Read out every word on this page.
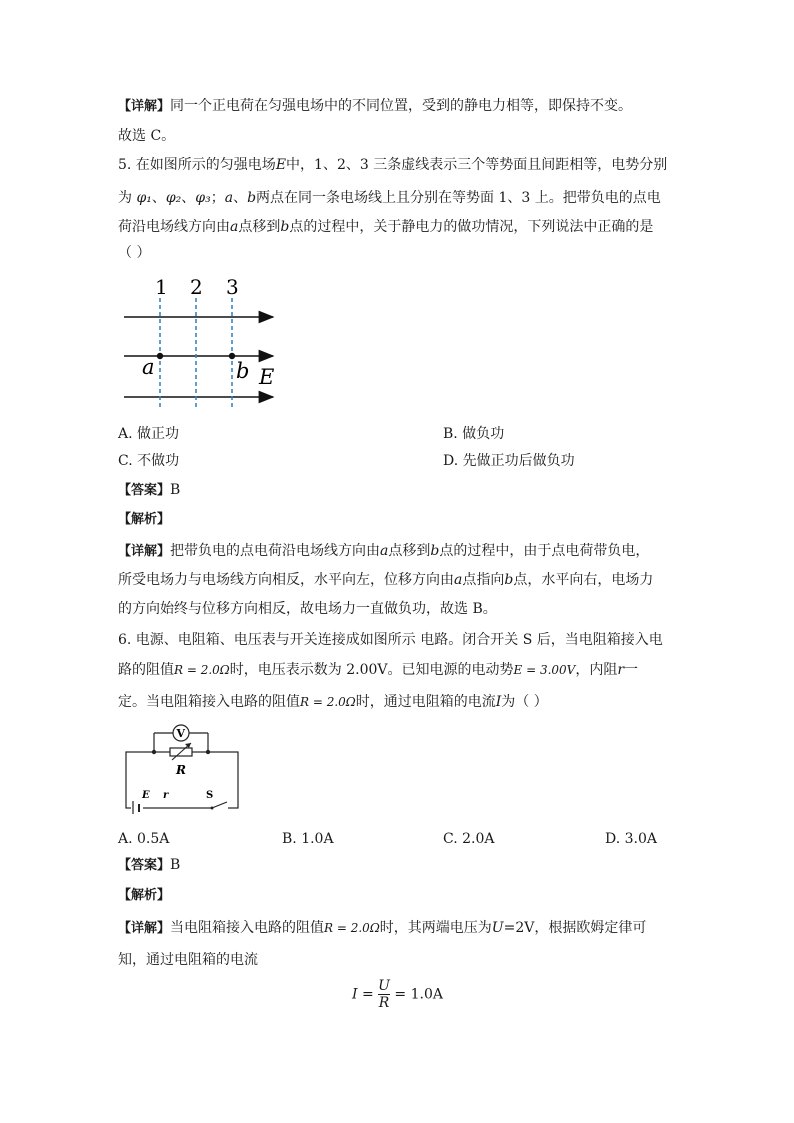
【详解】同一个正电荷在匀强电场中的不同位置，受到的静电力相等，即保持不变。
故选 C。
5. 在如图所示的匀强电场E中，1、2、3 三条虚线表示三个等势面且间距相等，电势分别
为 φ₁、φ₂、φ₃；a、b两点在同一条电场线上且分别在等势面 1、3 上。把带负电的点电
荷沿电场线方向由a点移到b点的过程中，关于静电力的做功情况，下列说法中正确的是
（ ）
1 2 3
a	b E
A. 做正功	B. 做负功
C. 不做功	D. 先做正功后做负功
【答案】B
【解析】
【详解】把带负电的点电荷沿电场线方向由a点移到b点的过程中，由于点电荷带负电，
所受电场力与电场线方向相反，水平向左，位移方向由a点指向b点，水平向右，电场力
的方向始终与位移方向相反，故电场力一直做负功，故选 B。
6. 电源、电阻箱、电压表与开关连接成如图所示 电路。闭合开关 S 后，当电阻箱接入电
路的阻值R = 2.0Ω时，电压表示数为 2.00V。已知电源的电动势E = 3.00V，内阻r一
定。当电阻箱接入电路的阻值R = 2.0Ω时，通过电阻箱的电流I为（ ）
V
R
E r	S
A. 0.5A	B. 1.0A	C. 2.0A	D. 3.0A
【答案】B
【解析】
【详解】当电阻箱接入电路的阻值R = 2.0Ω时，其两端电压为U=2V，根据欧姆定律可
知，通过电阻箱的电流
$I = \frac{U}{R} = 1.0A$
